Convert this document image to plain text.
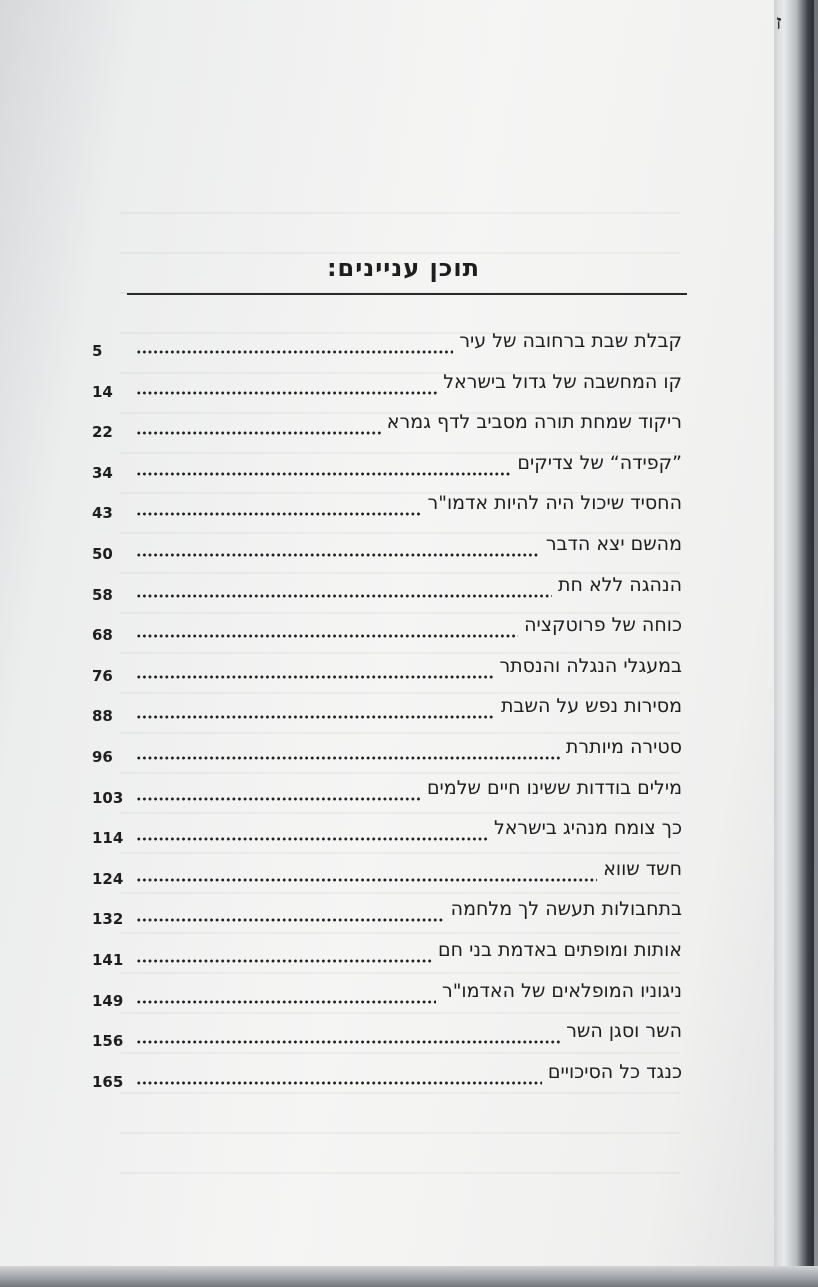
תוכן עניינים:
קבלת שבת ברחובה של עיר
5
קו המחשבה של גדול בישראל
14
ריקוד שמחת תורה מסביב לדף גמרא
22
”קפידה“ של צדיקים
34
החסיד שיכול היה להיות אדמו"ר
43
מהשם יצא הדבר
50
הנהגה ללא חת
58
כוחה של פרוטקציה
68
במעגלי הנגלה והנסתר
76
מסירות נפש על השבת
88
סטירה מיותרת
96
מילים בודדות ששינו חיים שלמים
103
כך צומח מנהיג בישראל
114
חשד שווא
124
בתחבולות תעשה לך מלחמה
132
אותות ומופתים באדמת בני חם
141
ניגוניו המופלאים של האדמו"ר
149
השר וסגן השר
156
כנגד כל הסיכויים
165
ז
